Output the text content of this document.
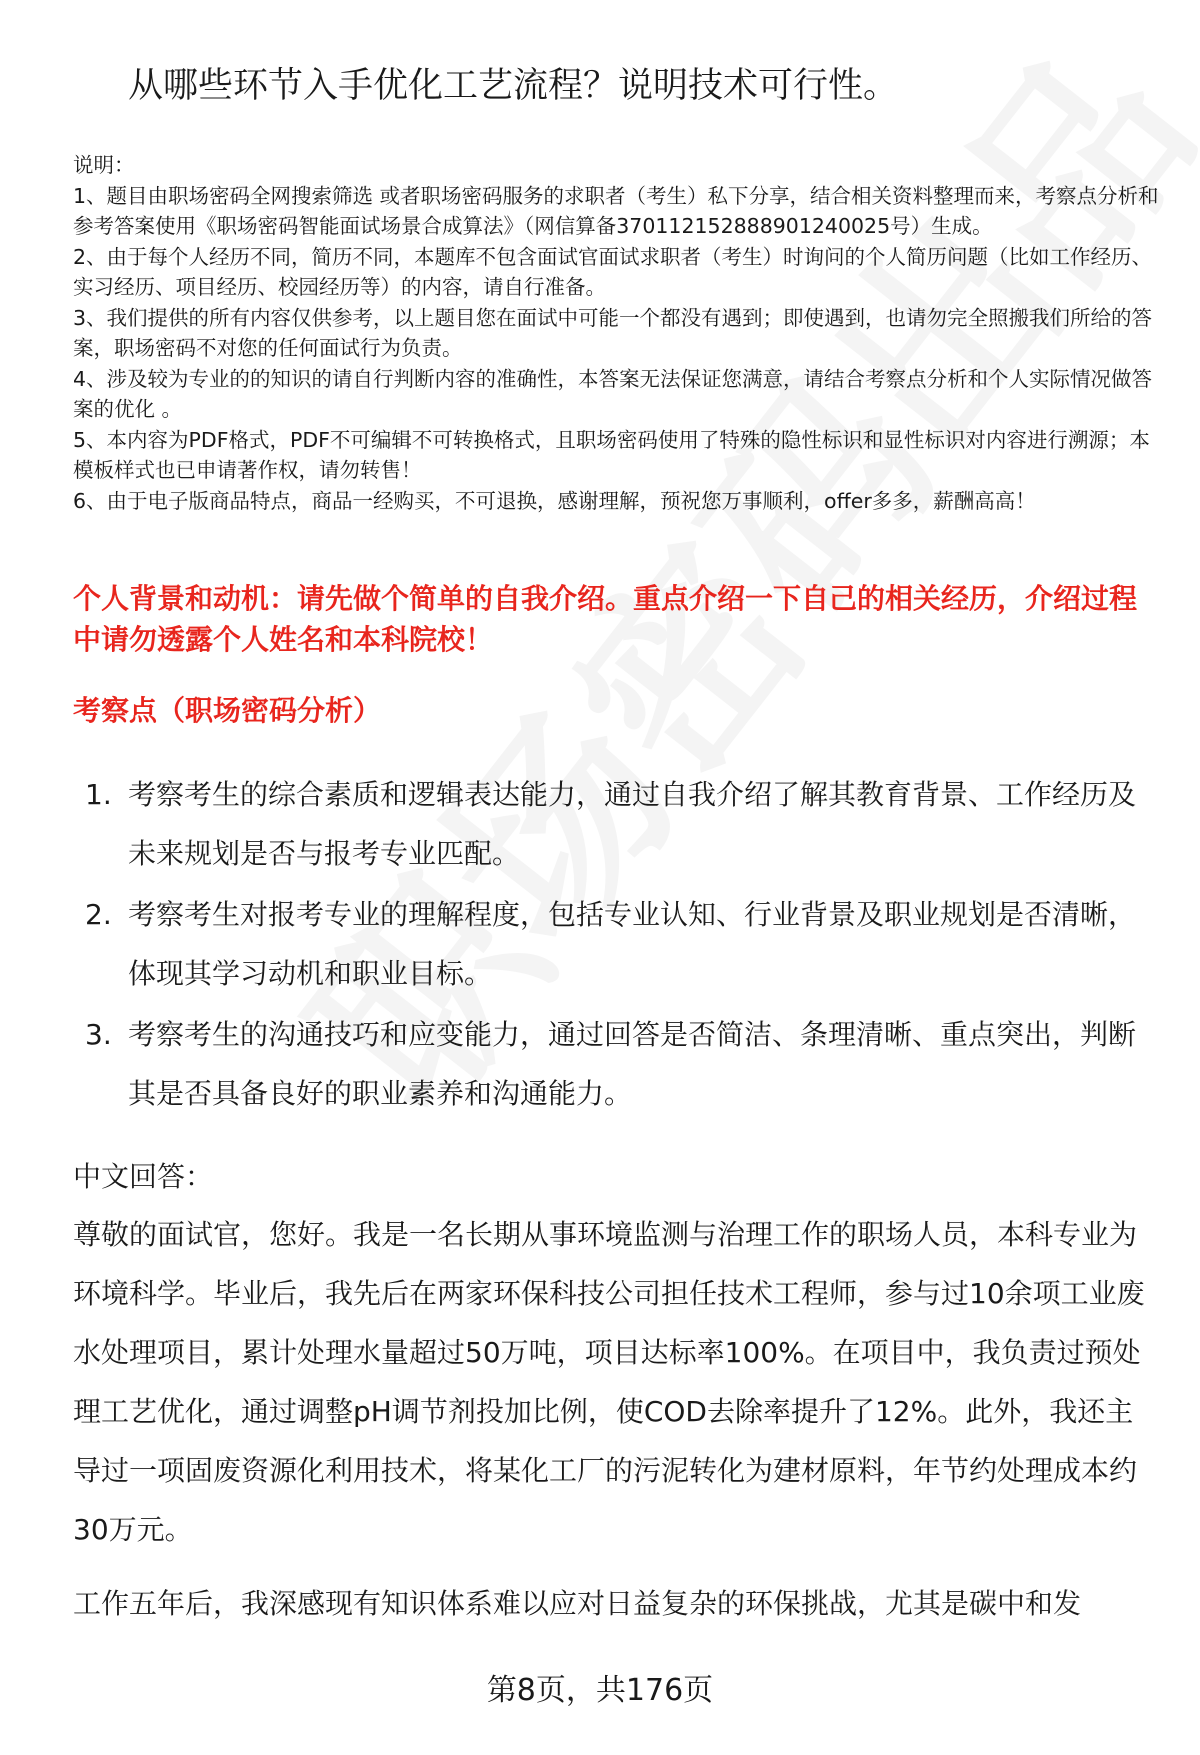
从哪些环节入手优化工艺流程？说明技术可行性。

说明：

1、题目由职场密码全网搜索筛选 或者职场密码服务的求职者（考生）私下分享，结合相关资料整理而来，考察点分析和参考答案使用《职场密码智能面试场景合成算法》（网信算备370112152888901240025号）生成。

2、由于每个人经历不同，简历不同，本题库不包含面试官面试求职者（考生）时询问的个人简历问题（比如工作经历、实习经历、项目经历、校园经历等）的内容，请自行准备。

3、我们提供的所有内容仅供参考，以上题目您在面试中可能一个都没有遇到；即使遇到，也请勿完全照搬我们所给的答案，职场密码不对您的任何面试行为负责。

4、涉及较为专业的的知识的请自行判断内容的准确性，本答案无法保证您满意，请结合考察点分析和个人实际情况做答案的优化 。

5、本内容为PDF格式，PDF不可编辑不可转换格式，且职场密码使用了特殊的隐性标识和显性标识对内容进行溯源；本模板样式也已申请著作权，请勿转售！

6、由于电子版商品特点，商品一经购买，不可退换，感谢理解，预祝您万事顺利，offer多多，薪酬高高！

个人背景和动机：请先做个简单的自我介绍。重点介绍一下自己的相关经历，介绍过程中请勿透露个人姓名和本科院校！
考察点（职场密码分析）
1. 考察考生的综合素质和逻辑表达能力，通过自我介绍了解其教育背景、工作经历及未来规划是否与报考专业匹配。
2. 考察考生对报考专业的理解程度，包括专业认知、行业背景及职业规划是否清晰，体现其学习动机和职业目标。
3. 考察考生的沟通技巧和应变能力，通过回答是否简洁、条理清晰、重点突出，判断其是否具备良好的职业素养和沟通能力。
中文回答：

尊敬的面试官，您好。我是一名长期从事环境监测与治理工作的职场人员，本科专业为环境科学。毕业后，我先后在两家环保科技公司担任技术工程师，参与过10余项工业废水处理项目，累计处理水量超过50万吨，项目达标率100%。在项目中，我负责过预处理工艺优化，通过调整pH调节剂投加比例，使COD去除率提升了12%。此外，我还主导过一项固废资源化利用技术，将某化工厂的污泥转化为建材原料，年节约处理成本约30万元。

工作五年后，我深感现有知识体系难以应对日益复杂的环保挑战，尤其是碳中和发

第8页，共176页
